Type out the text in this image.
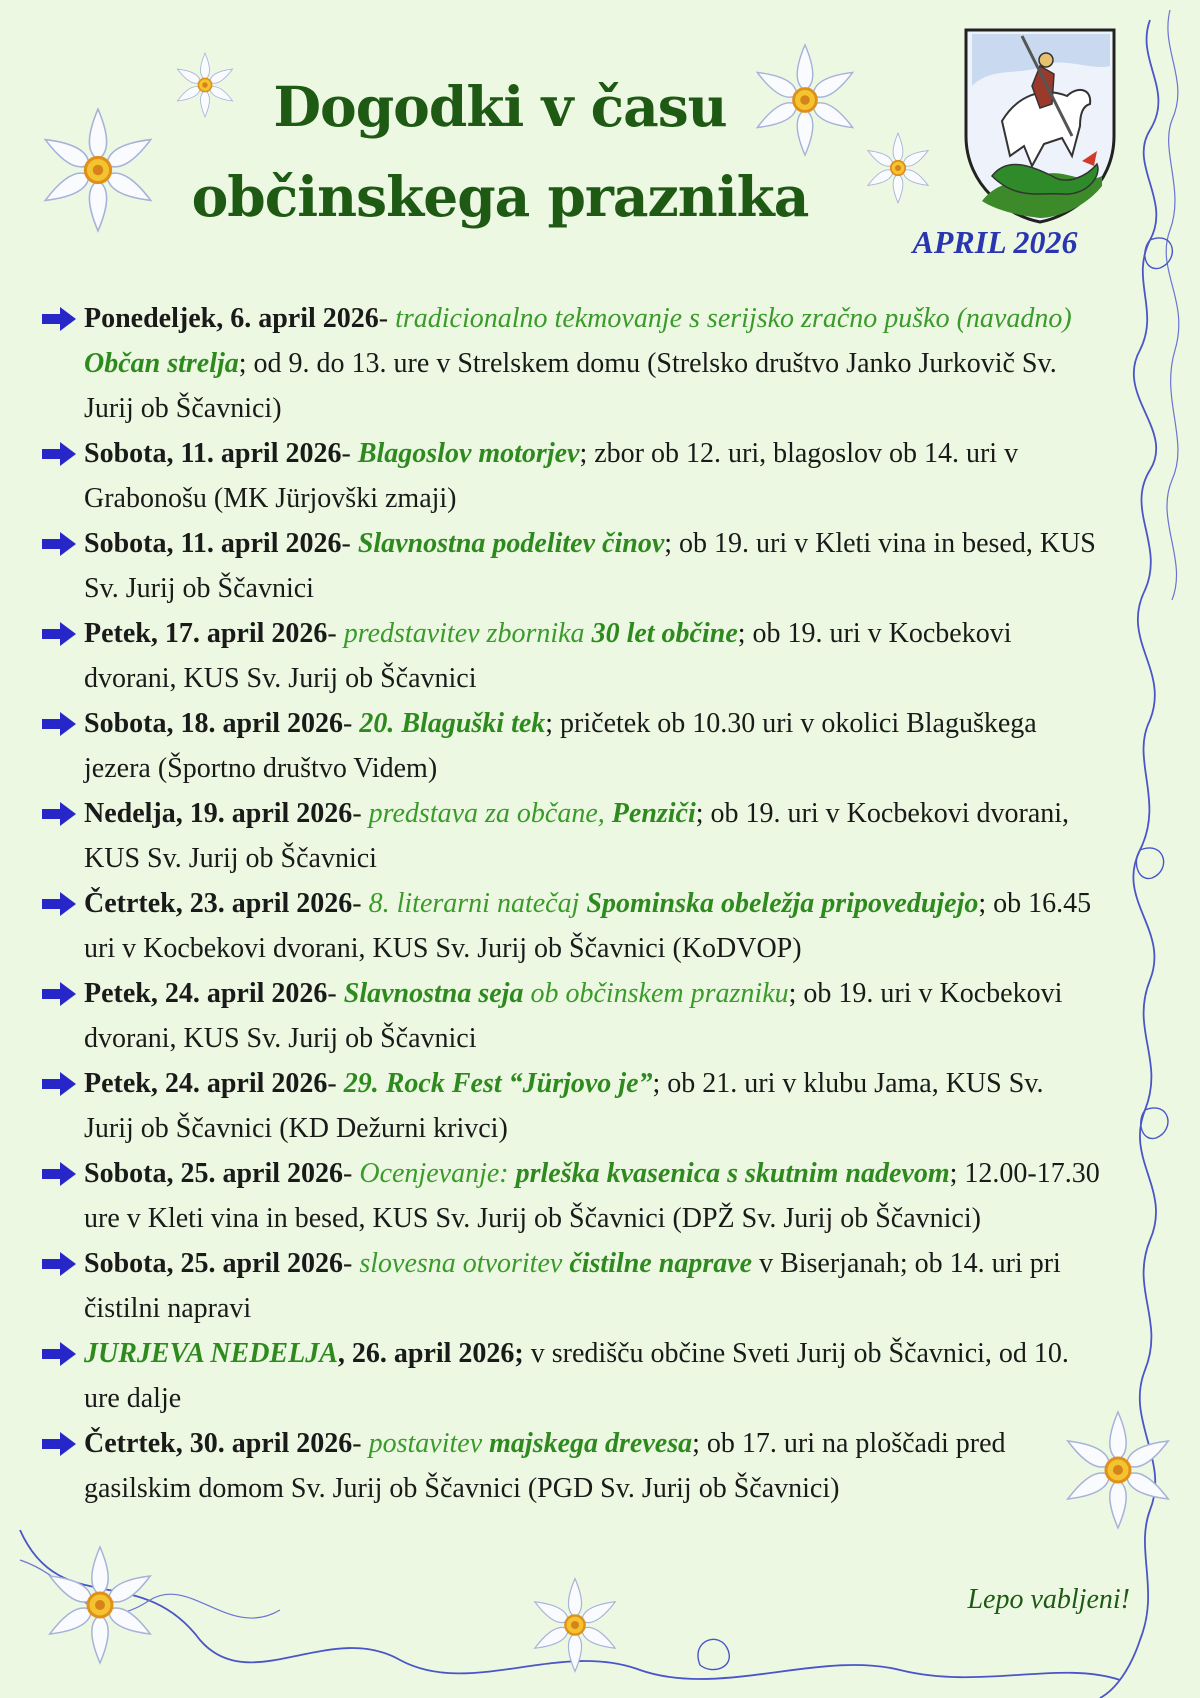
Dogodki v času
občinskega praznika
APRIL 2026
Ponedeljek, 6. april 2026- tradicionalno tekmovanje s serijsko zračno puško (navadno) Občan strelja; od 9. do 13. ure v Strelskem domu (Strelsko društvo Janko Jurkovič Sv. Jurij ob Ščavnici)
Sobota, 11. april 2026- Blagoslov motorjev; zbor ob 12. uri, blagoslov ob 14. uri v Grabonošu (MK Jürjovški zmaji)
Sobota, 11. april 2026- Slavnostna podelitev činov; ob 19. uri v Kleti vina in besed, KUS Sv. Jurij ob Ščavnici
Petek, 17. april 2026- predstavitev zbornika 30 let občine; ob 19. uri v Kocbekovi dvorani, KUS Sv. Jurij ob Ščavnici
Sobota, 18. april 2026- 20. Blaguški tek; pričetek ob 10.30 uri v okolici Blaguškega jezera (Športno društvo Videm)
Nedelja, 19. april 2026- predstava za občane, Penziči; ob 19. uri v Kocbekovi dvorani, KUS Sv. Jurij ob Ščavnici
Četrtek, 23. april 2026- 8. literarni natečaj Spominska obeležja pripovedujejo; ob 16.45 uri v Kocbekovi dvorani, KUS Sv. Jurij ob Ščavnici (KoDVOP)
Petek, 24. april 2026- Slavnostna seja ob občinskem prazniku; ob 19. uri v Kocbekovi dvorani, KUS Sv. Jurij ob Ščavnici
Petek, 24. april 2026- 29. Rock Fest “Jürjovo je”; ob 21. uri v klubu Jama, KUS Sv. Jurij ob Ščavnici (KD Dežurni krivci)
Sobota, 25. april 2026- Ocenjevanje: prleška kvasenica s skutnim nadevom; 12.00-17.30 ure v Kleti vina in besed, KUS Sv. Jurij ob Ščavnici (DPŽ Sv. Jurij ob Ščavnici)
Sobota, 25. april 2026- slovesna otvoritev čistilne naprave v Biserjanah; ob 14. uri pri čistilni napravi
JURJEVA NEDELJA, 26. april 2026; v središču občine Sveti Jurij ob Ščavnici, od 10. ure dalje
Četrtek, 30. april 2026- postavitev majskega drevesa; ob 17. uri na ploščadi pred gasilskim domom Sv. Jurij ob Ščavnici (PGD Sv. Jurij ob Ščavnici)
Lepo vabljeni!
